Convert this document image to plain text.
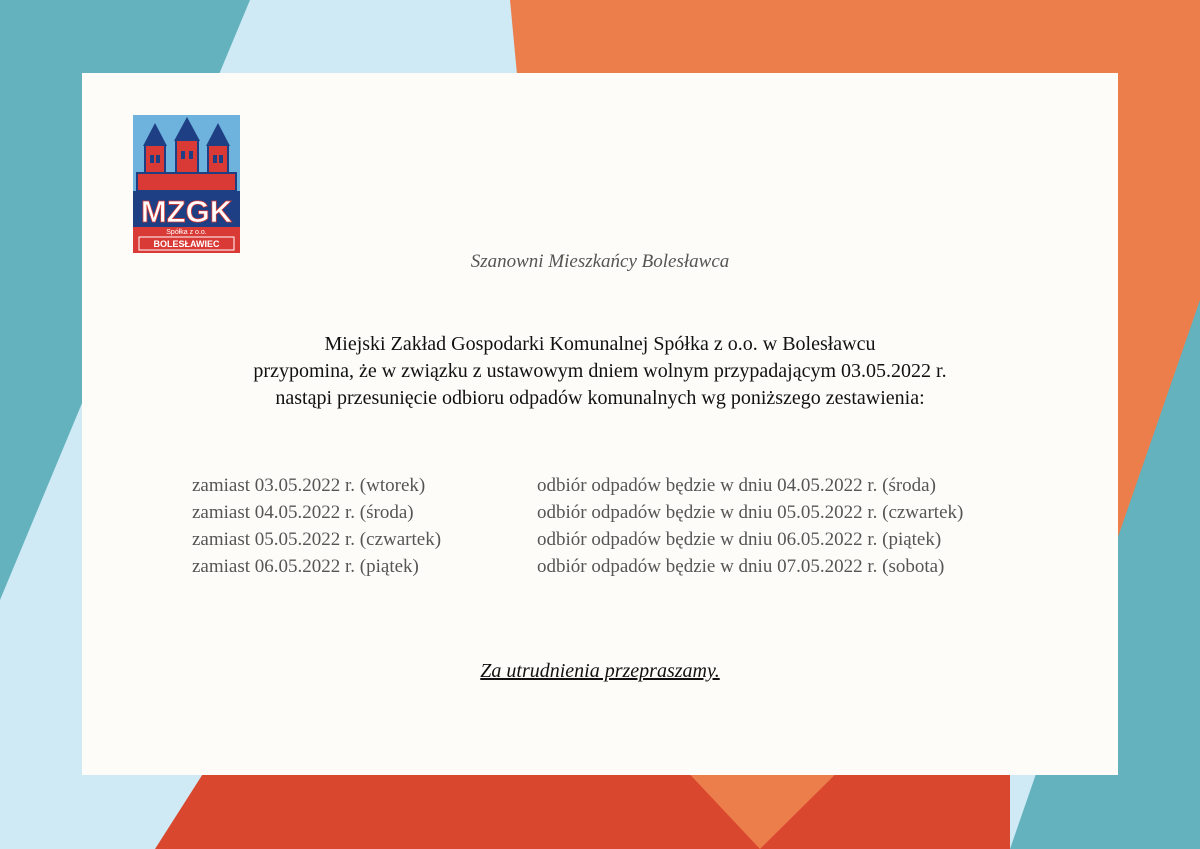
MZGK
Spółka z o.o.
BOLESŁAWIEC
Szanowni Mieszkańcy Bolesławca
Miejski Zakład Gospodarki Komunalnej Spółka z o.o. w Bolesławcu
przypomina, że w związku z ustawowym dniem wolnym przypadającym 03.05.2022 r.
nastąpi przesunięcie odbioru odpadów komunalnych wg poniższego zestawienia:
zamiast 03.05.2022 r. (wtorek)	odbiór odpadów będzie w dniu 04.05.2022 r. (środa)
zamiast 04.05.2022 r. (środa)	odbiór odpadów będzie w dniu 05.05.2022 r. (czwartek)
zamiast 05.05.2022 r. (czwartek)	odbiór odpadów będzie w dniu 06.05.2022 r. (piątek)
zamiast 06.05.2022 r. (piątek)	odbiór odpadów będzie w dniu 07.05.2022 r. (sobota)
Za utrudnienia przepraszamy.
